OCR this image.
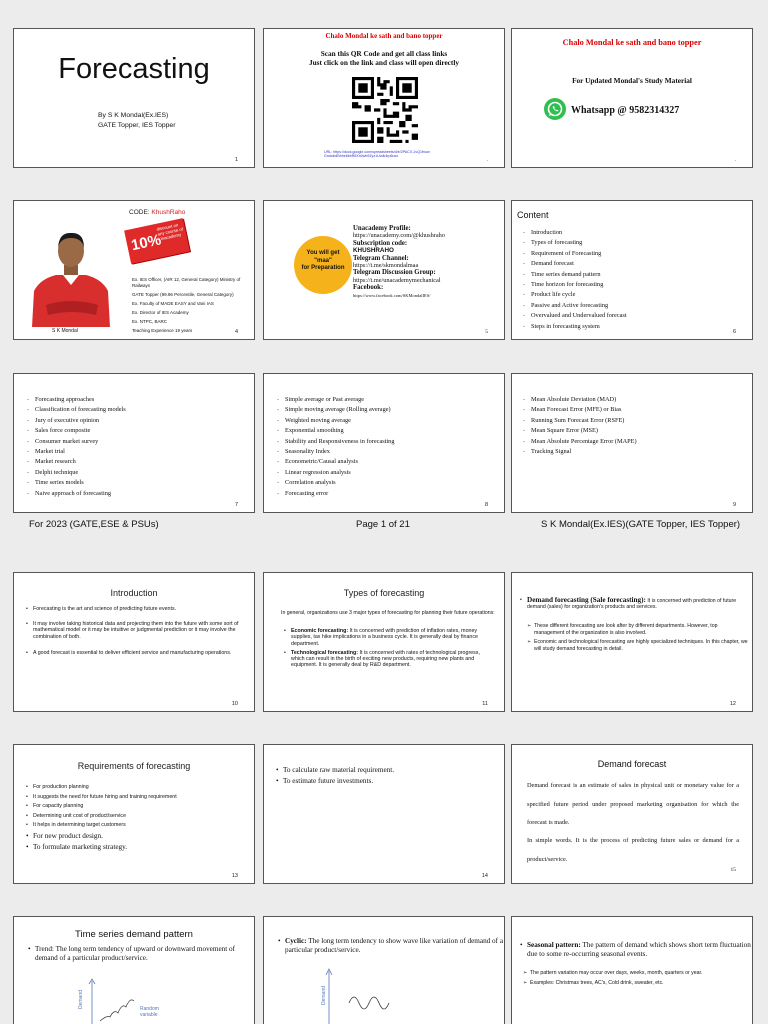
Forecasting
By S K Mondal(Ex.IES)
GATE Topper, IES Topper
1
Chalo Mondal ke sath and bano topper
Scan this QR Code and get all class links
Just click on the link and class will open directly
URL: https://docs.google.com/spreadsheets/d/e/2PACX-1vQ1fnuw Gndoki4Bhhe6bhR8Xn0wb9Zyz1Uvdk4rp6uxx
.
Chalo Mondal ke sath and bano topper
For Updated Mondal's Study Material
Whatsapp @ 9582314327
.
CODE: KhushRaho
10%
discount on any course of Unacademy
Ex. IES Officer, (AIR 12, General Category) Ministry of Railways
GATE Topper (99.96 Percentile, General Category)
Ex. Faculty of MADE EASY and Vani IAS
Ex. Director of IES Academy
Ex. NTPC, BARC
Teaching Experience 19 years
S K Mondal	4
You will get
"maa"
for Preparation
Unacademy Profile:
https://unacademy.com/@khushraho
Subscription code:
KHUSHRAHO
Telegram Channel:
https://t.me/skmondalmaa
Telegram Discussion Group:
https://t.me/unacademymechanical
Facebook:
https://www.facebook.com/SKMondalIES/
5
Content
- Introduction
- Types of forecasting
- Requirement of Forecasting
- Demand forecast
- Time series demand pattern
- Time horizon for forecasting
- Product life cycle
- Passive and Active forecasting
- Overvalued and Undervalued forecast
- Steps in forecasting system
6
- Forecasting approaches
- Classification of forecasting models
- Jury of executive opinion
- Sales force composite
- Consumer market survey
- Market trial
- Market research
- Delphi technique
- Time series models
- Naive approach of forecasting
7
- Simple average or Past average
- Simple moving average (Rolling average)
- Weighted moving average
- Exponential smoothing
- Stability and Responsiveness in forecasting
- Seasonality Index
- Econometric/Causal analysis
- Linear regression analysis
- Correlation analysis
- Forecasting error
8
- Mean Absolute Deviation (MAD)
- Mean Forecast Error (MFE) or Bias
- Running Sum Forecast Error (RSFE)
- Mean Square Error (MSE)
- Mean Absolute Percentage Error (MAPE)
- Tracking Signal
9
For 2023 (GATE,ESE & PSUs)	Page 1 of 21	S K Mondal(Ex.IES)(GATE Topper, IES Topper)
Introduction
• Forecasting is the art and science of predicting future events.
• It may involve taking historical data and projecting them into the future with some sort of mathematical model or it may be intuitive or judgmental prediction or it may involve the combination of both.
• A good forecast is essential to deliver efficient service and manufacturing operations.
10
Types of forecasting
In general, organizations use 3 major types of forecasting for planning their future operations:
• Economic forecasting: It is concerned with prediction of inflation rates, money supplies, tax hike implications in a business cycle. It is generally deal by finance department.
• Technological forecasting: It is concerned with rates of technological progress, which can result in the birth of exciting new products, requiring new plants and equipment. It is generally deal by R&D department.
11
• Demand forecasting (Sale forecasting): It is concerned with prediction of future demand (sales) for organization's products and services.
➢ These different forecasting are look after by different departments. However, top management of the organization is also involved.
➢ Economic and technological forecasting are highly specialized techniques. In this chapter, we will study demand forecasting in detail.
12
Requirements of forecasting
• For production planning
• It suggests the need for future hiring and training requirement
• For capacity planning
• Determining unit cost of product/service
• It helps in determining target customers
• For new product design.
• To formulate marketing strategy.
13
• To calculate raw material requirement.
• To estimate future investments.
14
Demand forecast
Demand forecast is an estimate of sales in physical unit or monetary value for a specified future period under proposed marketing organisation for which the forecast is made.
In simple words. It is the process of predicting future sales or demand for a product/service.
15
Time series demand pattern
• Trend: The long term tendency of upward or downward movement of demand of a particular product/service.
Demand	Random variable
• Cyclic: The long term tendency to show wave like variation of demand of a particular product/service.
Demand
• Seasonal pattern: The pattern of demand which shows short term fluctuation due to some re-occurring seasonal events.
➢ The pattern variation may occur over days, weeks, month, quarters or year.
➢ Examples: Christmas trees, AC's, Cold drink, sweater, etc.
